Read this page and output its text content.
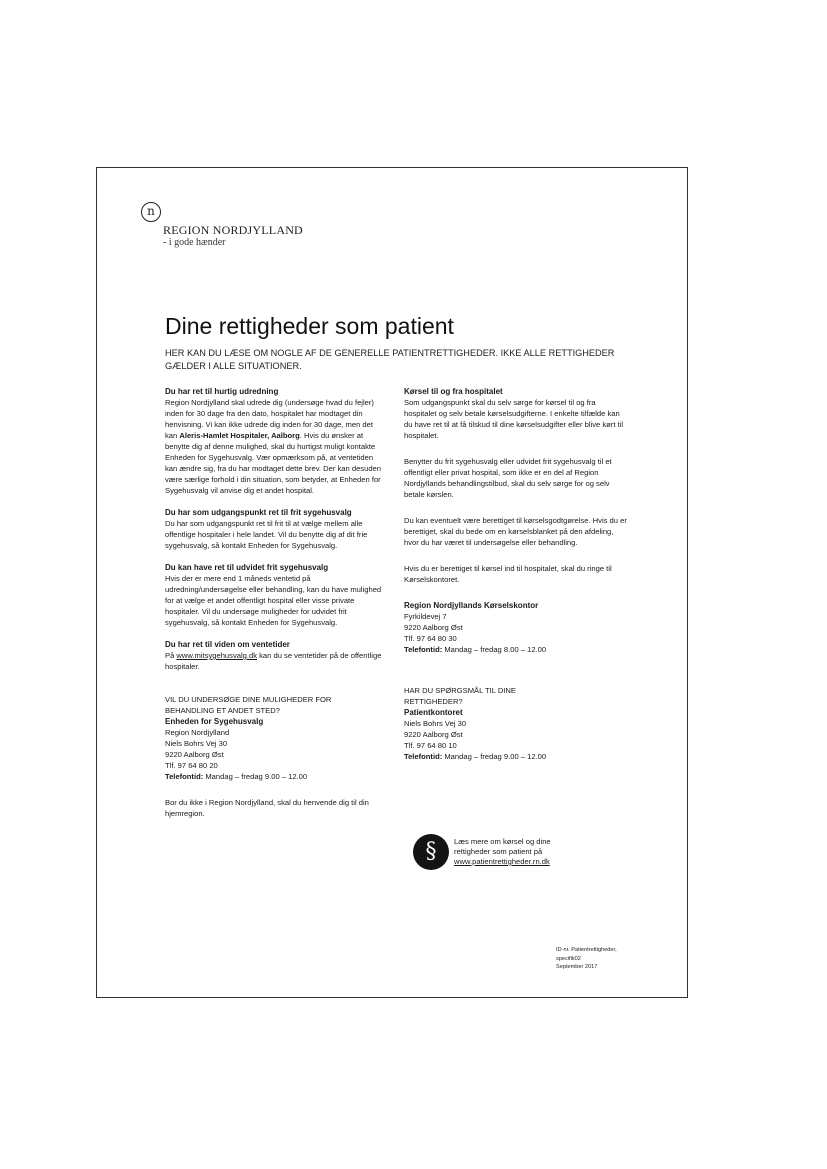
n
REGION NORDJYLLAND
- i gode hænder
Dine rettigheder som patient
HER KAN DU LÆSE OM NOGLE AF DE GENERELLE PATIENTRETTIGHEDER. IKKE ALLE RETTIGHEDER GÆLDER I ALLE SITUATIONER.
Du har ret til hurtig udredning

Region Nordjylland skal udrede dig (undersøge hvad du fejler) inden for 30 dage fra den dato, hospitalet har modtaget din henvisning. Vi kan ikke udrede dig inden for 30 dage, men det kan Aleris-Hamlet Hospitaler, Aalborg. Hvis du ønsker at benytte dig af denne mulighed, skal du hurtigst muligt kontakte Enheden for Sygehusvalg. Vær opmærksom på, at ventetiden kan ændre sig, fra du har modtaget dette brev. Der kan desuden være særlige forhold i din situation, som betyder, at Enheden for Sygehusvalg vil anvise dig et andet hospital.

Du har som udgangspunkt ret til frit sygehusvalg

Du har som udgangspunkt ret til frit til at vælge mellem alle offentlige hospitaler i hele landet. Vil du benytte dig af dit frie sygehusvalg, så kontakt Enheden for Sygehusvalg.

Du kan have ret til udvidet frit sygehusvalg

Hvis der er mere end 1 måneds ventetid på udredning/undersøgelse eller behandling, kan du have mulighed for at vælge et andet offentligt hospital eller visse private hospitaler. Vil du undersøge muligheder for udvidet frit sygehusvalg, så kontakt Enheden for Sygehusvalg.

Du har ret til viden om ventetider

På www.mitsygehusvalg.dk kan du se ventetider på de offentlige hospitaler.

VIL DU UNDERSØGE DINE MULIGHEDER FOR BEHANDLING ET ANDET STED?

Enheden for Sygehusvalg
Region Nordjylland
Niels Bohrs Vej 30
9220 Aalborg Øst
Tlf. 97 64 80 20
Telefontid: Mandag – fredag 9.00 – 12.00

Bor du ikke i Region Nordjylland, skal du henvende dig til din hjemregion.

Kørsel til og fra hospitalet

Som udgangspunkt skal du selv sørge for kørsel til og fra hospitalet og selv betale kørselsudgifterne. I enkelte tilfælde kan du have ret til at få tilskud til dine kørselsudgifter eller blive kørt til hospitalet.

Benytter du frit sygehusvalg eller udvidet frit sygehusvalg til et offentligt eller privat hospital, som ikke er en del af Region Nordjyllands behandlingstilbud, skal du selv sørge for og selv betale kørslen.

Du kan eventuelt være berettiget til kørselsgodtgørelse. Hvis du er berettiget, skal du bede om en kørselsblanket på den afdeling, hvor du har været til undersøgelse eller behandling.

Hvis du er berettiget til kørsel ind til hospitalet, skal du ringe til Kørselskontoret.

Region Nordjyllands Kørselskontor
Fyrkildevej 7
9220 Aalborg Øst
Tlf. 97 64 80 30
Telefontid: Mandag – fredag 8.00 – 12.00

HAR DU SPØRGSMÅL TIL DINE RETTIGHEDER?

Patientkontoret
Niels Bohrs Vej 30
9220 Aalborg Øst
Tlf. 97 64 80 10
Telefontid: Mandag – fredag 9.00 – 12.00
§	Læs mere om kørsel og dine
rettigheder som patient på
www.patientrettigheder.rn.dk
ID-nr. Patientrettigheder,
specifik02
September 2017
